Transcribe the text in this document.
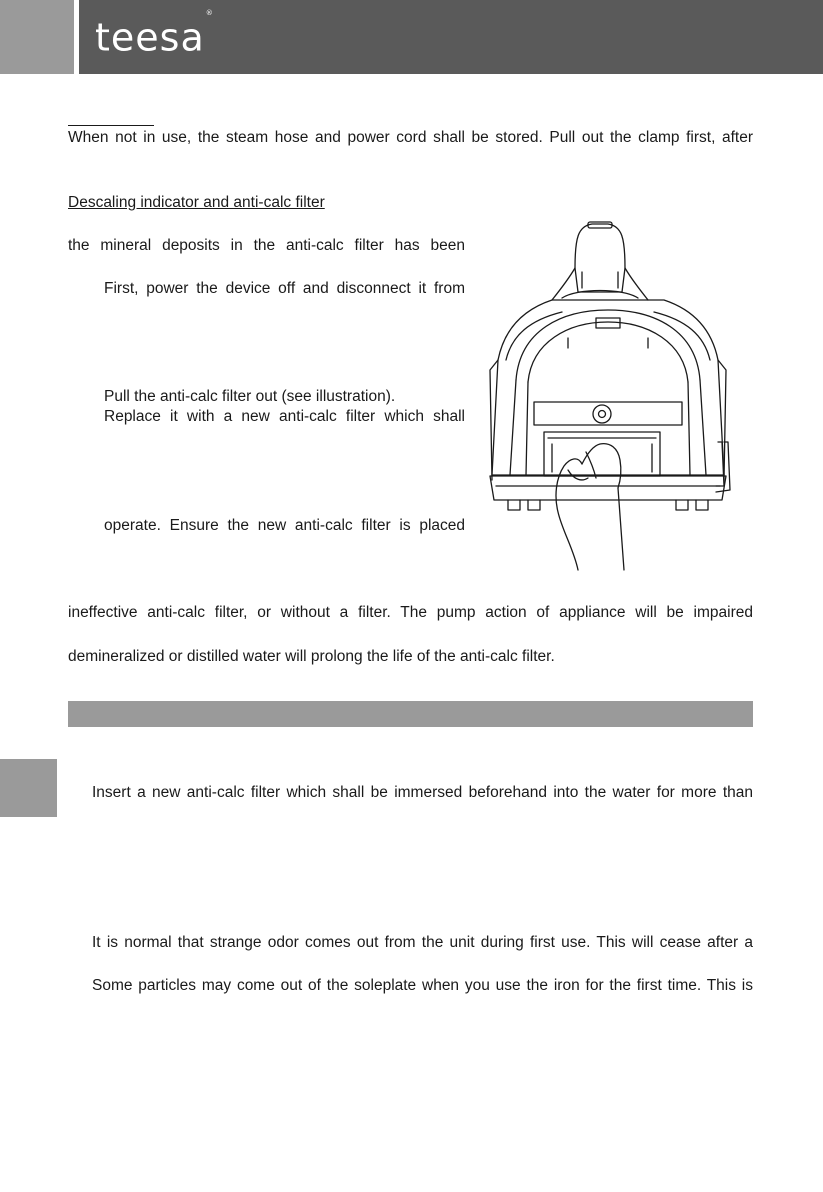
teesa®
When not in use, the steam hose and power cord shall be stored. Pull out the clamp first, after
Descaling indicator and anti-calc filter
the mineral deposits in the anti-calc filter has been
First, power the device off and disconnect it from
Pull the anti-calc filter out (see illustration).
Replace it with a new anti-calc filter which shall
operate. Ensure the new anti-calc filter is placed
ineffective anti-calc filter, or without a filter. The pump action of appliance will be impaired
demineralized or distilled water will prolong the life of the anti-calc filter.
Insert a new anti-calc filter which shall be immersed beforehand into the water for more than
It is normal that strange odor comes out from the unit during first use. This will cease after a
Some particles may come out of the soleplate when you use the iron for the first time. This is
